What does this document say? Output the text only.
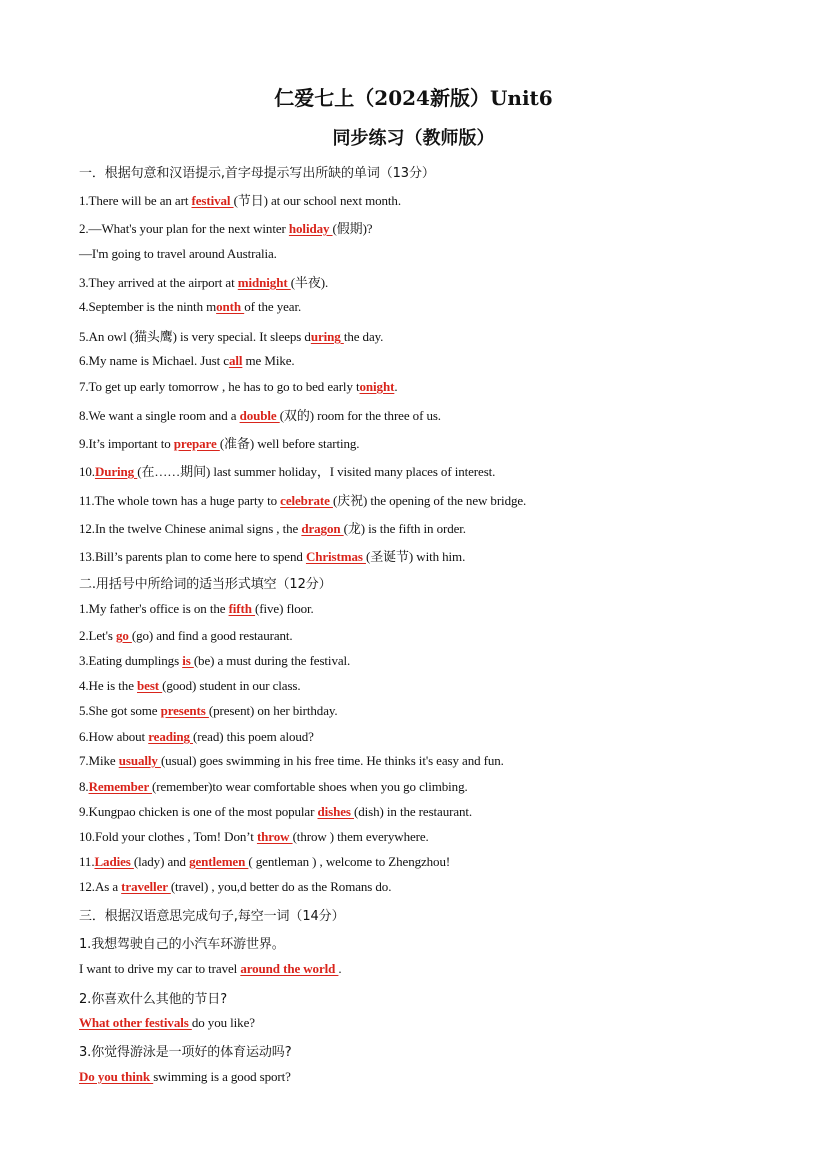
仁爱七上（2024新版）Unit6
同步练习（教师版）
一．根据句意和汉语提示,首字母提示写出所缺的单词（13分）
1.There will be an art festival (节日) at our school next month.
2.—What's your plan for the next winter holiday (假期)?
—I'm going to travel around Australia.
3.They arrived at the airport at midnight (半夜).
4.September is the ninth month of the year.
5.An owl (猫头鹰) is very special. It sleeps during the day.
6.My name is Michael. Just call me Mike.
7.To get up early tomorrow , he has to go to bed early tonight.
8.We want a single room and a double (双的) room for the three of us.
9.It’s important to prepare (准备) well before starting.
10.During (在……期间) last summer holiday，I visited many places of interest.
11.The whole town has a huge party to celebrate (庆祝) the opening of the new bridge.
12.In the twelve Chinese animal signs , the dragon (龙) is the fifth in order.
13.Bill’s parents plan to come here to spend Christmas (圣诞节) with him.
二.用括号中所给词的适当形式填空（12分）
1.My father's office is on the fifth (five) floor.
2.Let's go (go) and find a good restaurant.
3.Eating dumplings is (be) a must during the festival.
4.He is the best (good) student in our class.
5.She got some presents (present) on her birthday.
6.How about reading (read) this poem aloud?
7.Mike usually (usual) goes swimming in his free time. He thinks it's easy and fun.
8.Remember (remember)to wear comfortable shoes when you go climbing.
9.Kungpao chicken is one of the most popular dishes (dish) in the restaurant.
10.Fold your clothes , Tom! Don’t throw (throw ) them everywhere.
11.Ladies (lady) and gentlemen ( gentleman ) , welcome to Zhengzhou!
12.As a traveller (travel) , you,d better do as the Romans do.
三．根据汉语意思完成句子,每空一词（14分）
1.我想驾驶自己的小汽车环游世界。
I want to drive my car to travel around the world .
2.你喜欢什么其他的节日?
What other festivals do you like?
3.你觉得游泳是一项好的体育运动吗?
Do you think swimming is a good sport?
